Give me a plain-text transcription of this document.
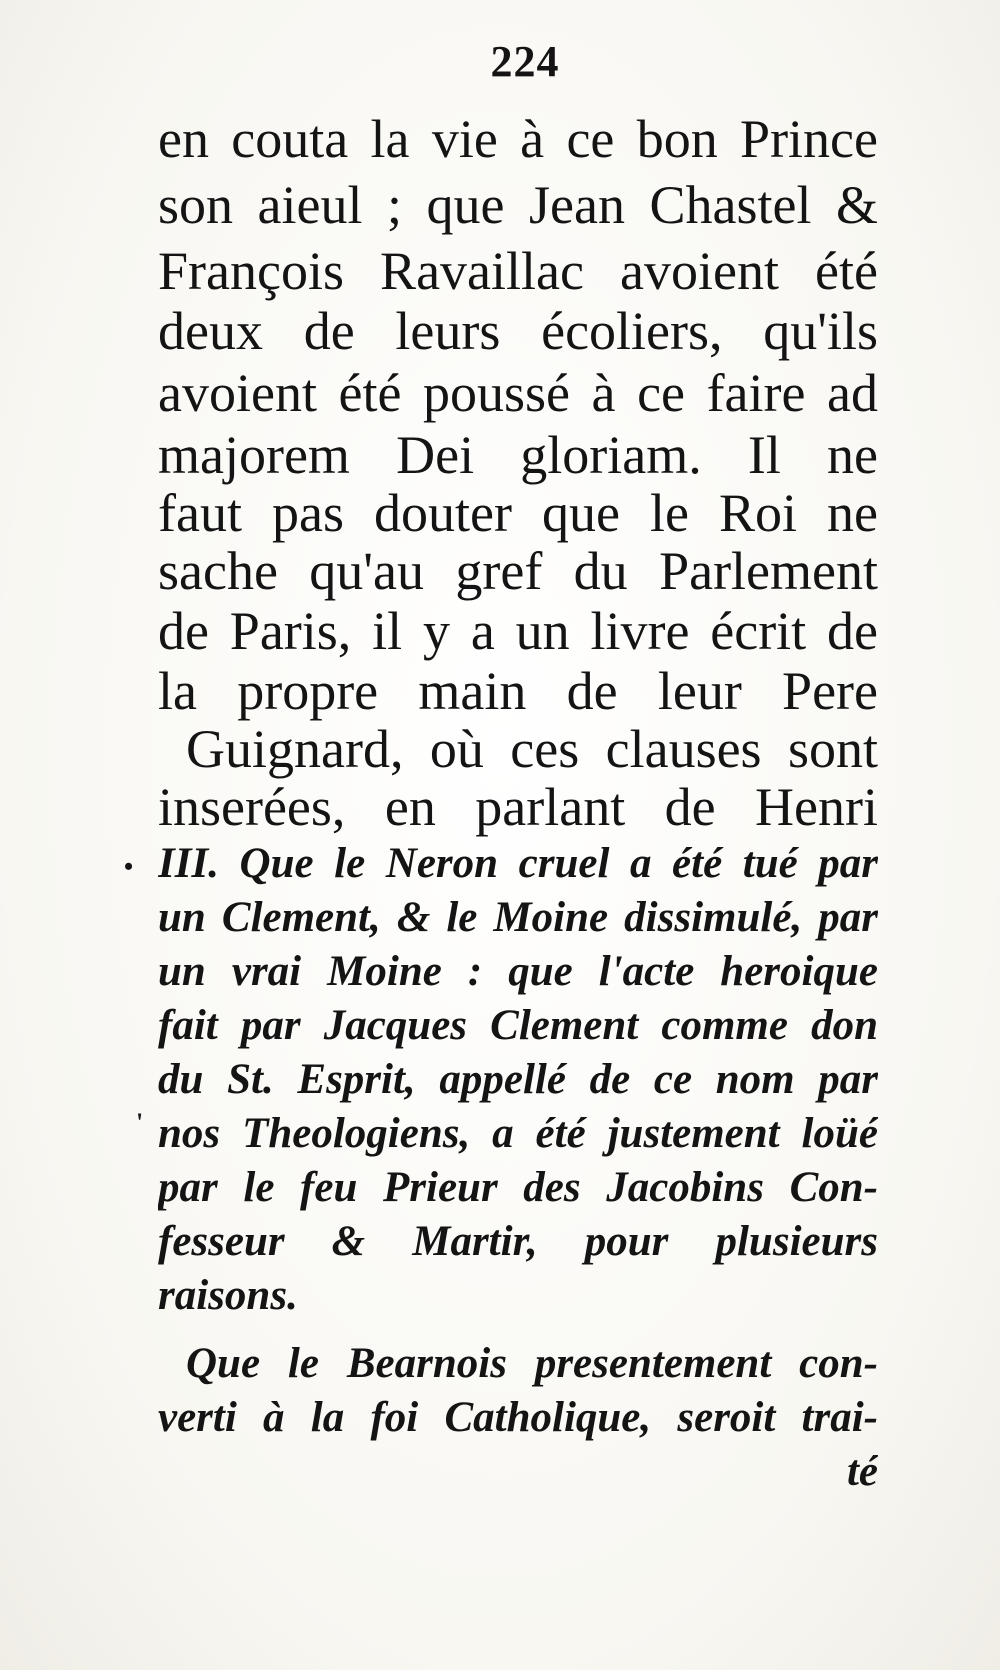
224
en couta la vie à ce bon Prince
son aieul ; que Jean Chastel &
François Ravaillac avoient été
deux de leurs écoliers, qu'ils
avoient été poussé à ce faire ad
majorem Dei gloriam. Il ne
faut pas douter que le Roi ne
sache qu'au gref du Parlement
de Paris, il y a un livre écrit de
la propre main de leur Pere
Guignard, où ces clauses sont
inserées, en parlant de Henri
• III. Que le Neron cruel a été tué par
un Clement, & le Moine dissimulé, par
un vrai Moine : que l'acte heroique
fait par Jacques Clement comme don
du St. Esprit, appellé de ce nom par
' nos Theologiens, a été justement loüé
par le feu Prieur des Jacobins Con-
fesseur & Martir, pour plusieurs
raisons.
Que le Bearnois presentement con-
verti à la foi Catholique, seroit trai-
té
